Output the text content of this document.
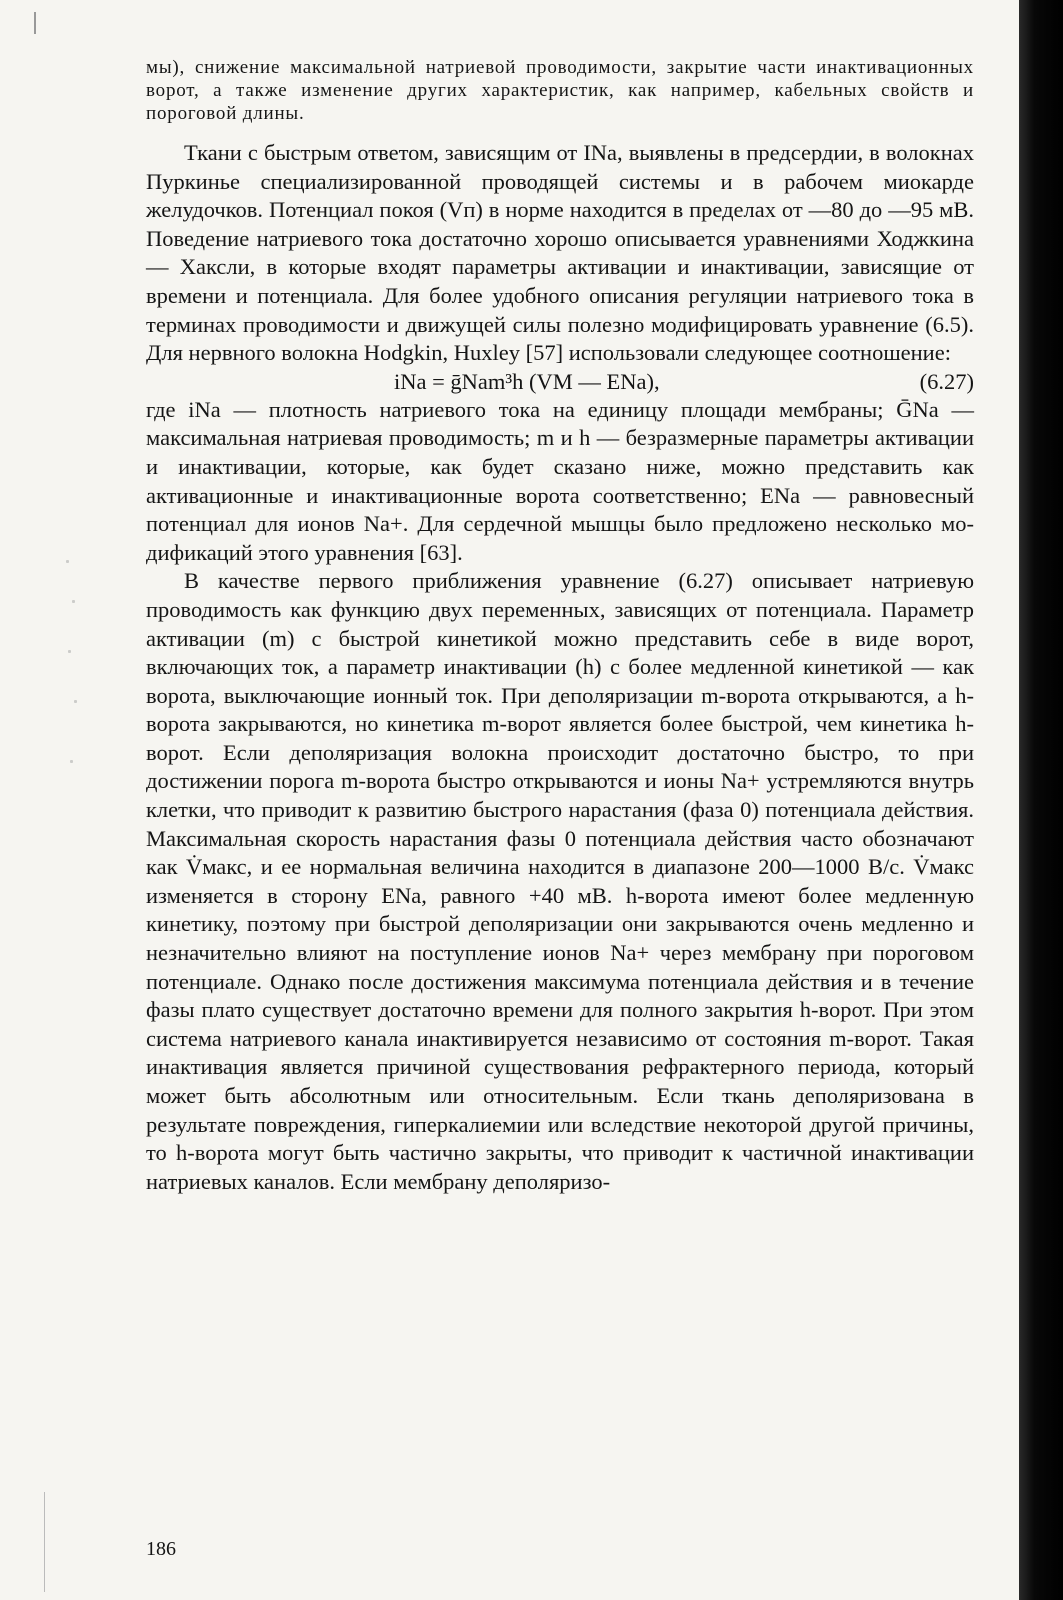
мы), снижение максимальной натриевой проводимости, закрытие части инактивационных ворот, а также изменение других характеристик, как например, кабельных свойств и пороговой длины.

Ткани с быстрым ответом, зависящим от INa, выявлены в предсердии, в волокнах Пуркинье специализированной проводящей системы и в рабочем миокарде желудочков. Потенциал покоя (Vп) в норме находится в пределах от —80 до —95 мВ. Поведение натриевого тока достаточно хорошо описывается уравнениями Ходжкина — Хаксли, в которые входят параметры активации и инактивации, зависящие от времени и потенциала. Для более удобного описания регуляции натриевого тока в терминах проводимости и движущей силы полезно модифицировать уравнение (6.5). Для нервного волокна Hodgkin, Huxley [57] использовали следующее соотношение:

iNa = ḡNam³h (VM — ENa),	(6.27)

где iNa — плотность натриевого тока на единицу площади мембраны; ḠNa — максимальная натриевая проводимость; m и h — безразмерные параметры активации и инактивации, которые, как будет сказано ниже, можно представить как активационные и инактивационные ворота соответственно; ENa — равновесный потенциал для ионов Na+. Для сердечной мышцы было предложено несколько модификаций этого уравнения [63].

В качестве первого приближения уравнение (6.27) описывает натриевую проводимость как функцию двух переменных, зависящих от потенциала. Параметр активации (m) с быстрой кинетикой можно представить себе в виде ворот, включающих ток, а параметр инактивации (h) с более медленной кинетикой — как ворота, выключающие ионный ток. При деполяризации m-ворота открываются, а h-ворота закрываются, но кинетика m-ворот является более быстрой, чем кинетика h-ворот. Если деполяризация волокна происходит достаточно быстро, то при достижении порога m-ворота быстро открываются и ионы Na+ устремляются внутрь клетки, что приводит к развитию быстрого нарастания (фаза 0) потенциала действия. Максимальная скорость нарастания фазы 0 потенциала действия часто обозначают как V̇макс, и ее нормальная величина находится в диапазоне 200—1000 В/с. V̇макс изменяется в сторону ENa, равного +40 мВ. h-ворота имеют более медленную кинетику, поэтому при быстрой деполяризации они закрываются очень медленно и незначительно влияют на поступление ионов Na+ через мембрану при пороговом потенциале. Однако после достижения максимума потенциала действия и в течение фазы плато существует достаточно времени для полного закрытия h-ворот. При этом система натриевого канала инактивируется независимо от состояния m-ворот. Такая инактивация является причиной существования рефрактерного периода, который может быть абсолютным или относительным. Если ткань деполяризована в результате повреждения, гиперкалиемии или вследствие некоторой другой причины, то h-ворота могут быть частично закрыты, что приводит к частичной инактивации натриевых каналов. Если мембрану деполяризо-

186
